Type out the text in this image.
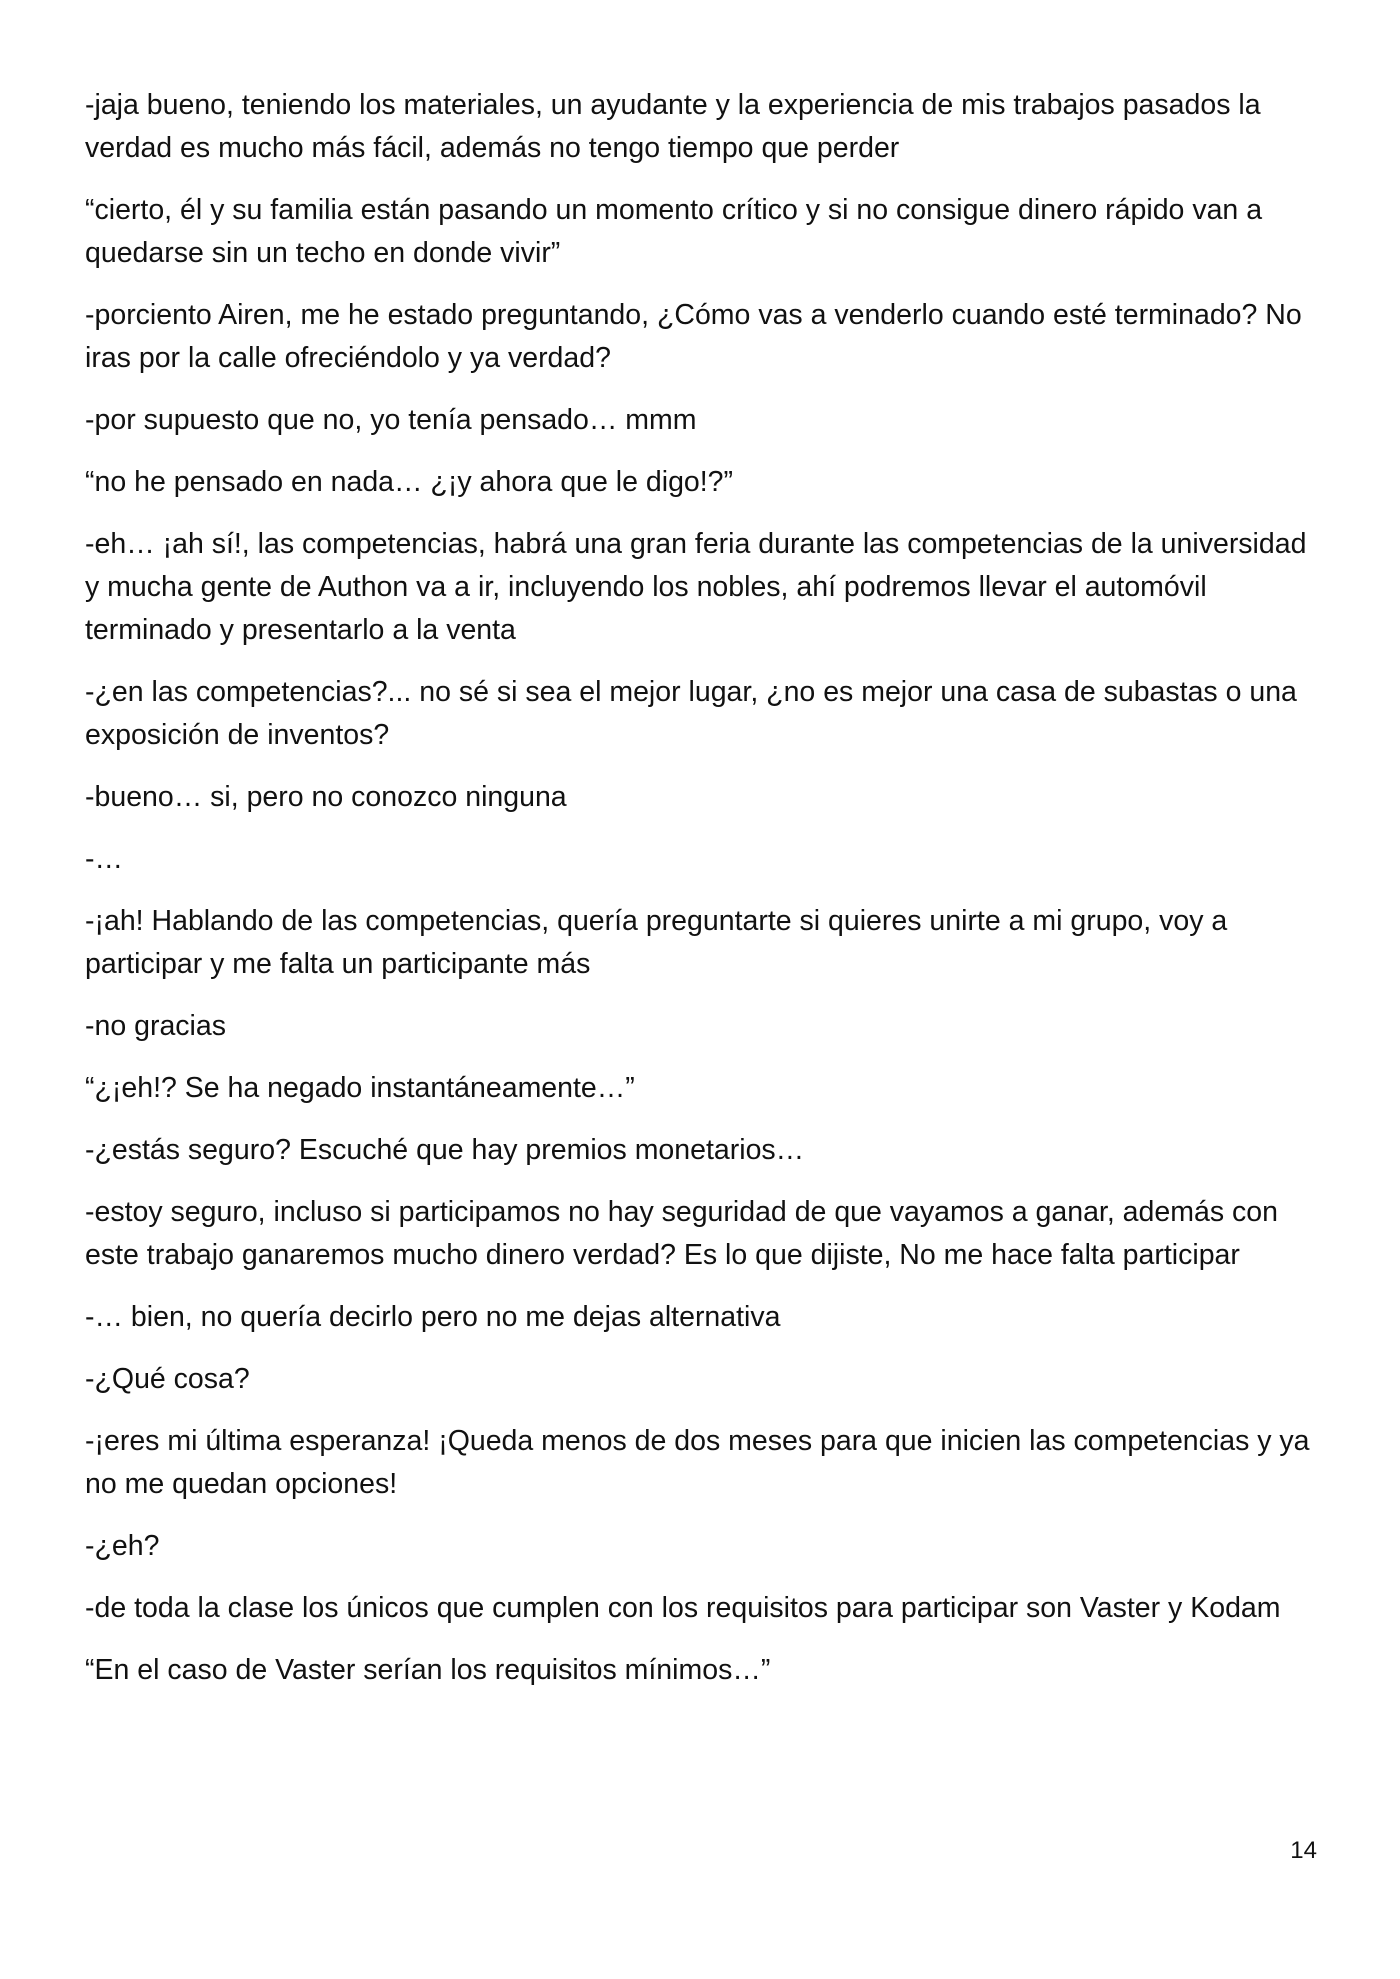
-jaja bueno, teniendo los materiales, un ayudante y la experiencia de mis trabajos pasados la verdad es mucho más fácil, además no tengo tiempo que perder

“cierto, él y su familia están pasando un momento crítico y si no consigue dinero rápido van a quedarse sin un techo en donde vivir”

-porciento Airen, me he estado preguntando, ¿Cómo vas a venderlo cuando esté terminado? No iras por la calle ofreciéndolo y ya verdad?

-por supuesto que no, yo tenía pensado… mmm

“no he pensado en nada… ¿¡y ahora que le digo!?”

-eh… ¡ah sí!, las competencias, habrá una gran feria durante las competencias de la universidad y mucha gente de Authon va a ir, incluyendo los nobles, ahí podremos llevar el automóvil terminado y presentarlo a la venta

-¿en las competencias?... no sé si sea el mejor lugar, ¿no es mejor una casa de subastas o una exposición de inventos?

-bueno… si, pero no conozco ninguna

-…

-¡ah! Hablando de las competencias, quería preguntarte si quieres unirte a mi grupo, voy a participar y me falta un participante más

-no gracias

“¿¡eh!? Se ha negado instantáneamente…”

-¿estás seguro? Escuché que hay premios monetarios…

-estoy seguro, incluso si participamos no hay seguridad de que vayamos a ganar, además con este trabajo ganaremos mucho dinero verdad? Es lo que dijiste, No me hace falta participar

-… bien, no quería decirlo pero no me dejas alternativa

-¿Qué cosa?

-¡eres mi última esperanza! ¡Queda menos de dos meses para que inicien las competencias y ya no me quedan opciones!

-¿eh?

-de toda la clase los únicos que cumplen con los requisitos para participar son Vaster y Kodam

“En el caso de Vaster serían los requisitos mínimos…”

14
